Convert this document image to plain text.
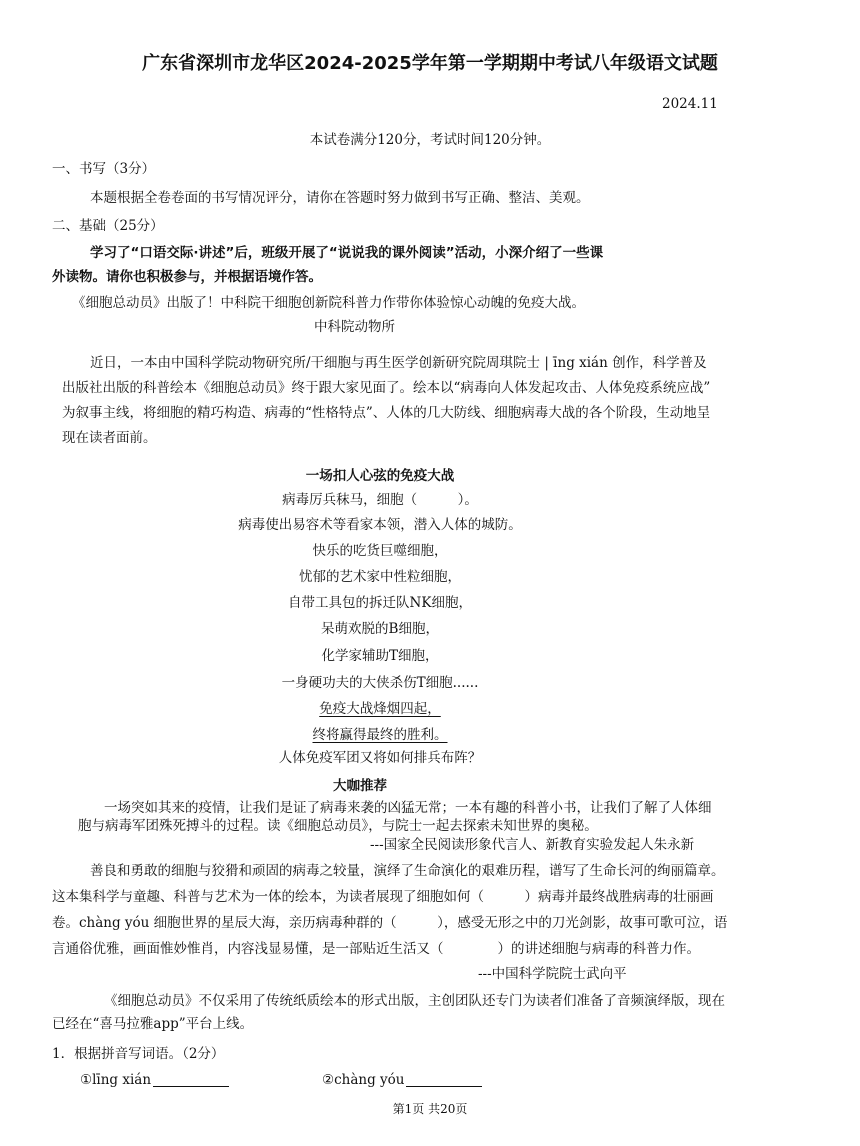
广东省深圳市龙华区2024-2025学年第一学期期中考试八年级语文试题
2024.11
本试卷满分120分，考试时间120分钟。
一、书写（3分）
本题根据全卷卷面的书写情况评分，请你在答题时努力做到书写正确、整洁、美观。
二、基础（25分）
学习了“口语交际·讲述”后，班级开展了“说说我的课外阅读”活动，小深介绍了一些课
外读物。请你也积极参与，并根据语境作答。
《细胞总动员》出版了！中科院干细胞创新院科普力作带你体验惊心动魄的免疫大战。
中科院动物所
近日，一本由中国科学院动物研究所/干细胞与再生医学创新研究院周琪院士 | īng xián 创作，科学普及
出版社出版的科普绘本《细胞总动员》终于跟大家见面了。绘本以“病毒向人体发起攻击、人体免疫系统应战”
为叙事主线，将细胞的精巧构造、病毒的“性格特点”、人体的几大防线、细胞病毒大战的各个阶段，生动地呈
现在读者面前。
一场扣人心弦的免疫大战
病毒厉兵秣马，细胞（　　　）。
病毒使出易容术等看家本领，潜入人体的城防。
快乐的吃货巨噬细胞，
忧郁的艺术家中性粒细胞，
自带工具包的拆迁队NK细胞，
呆萌欢脱的B细胞，
化学家辅助T细胞，
一身硬功夫的大侠杀伤T细胞......
免疫大战烽烟四起，
终将赢得最终的胜利。
人体免疫军团又将如何排兵布阵？
大咖推荐
一场突如其来的疫情，让我们是证了病毒来袭的凶猛无常；一本有趣的科普小书，让我们了解了人体细
胞与病毒军团殊死搏斗的过程。读《细胞总动员》，与院士一起去探索未知世界的奥秘。
---国家全民阅读形象代言人、新教育实验发起人朱永新
善良和勇敢的细胞与狡猾和顽固的病毒之较量，演绎了生命演化的艰难历程，谱写了生命长河的绚丽篇章。
这本集科学与童趣、科普与艺术为一体的绘本，为读者展现了细胞如何（　　　）病毒并最终战胜病毒的壮丽画
卷。chàng yóu 细胞世界的星辰大海，亲历病毒种群的（　　　），感受无形之中的刀光剑影，故事可歌可泣，语
言通俗优雅，画面惟妙惟肖，内容浅显易懂，是一部贴近生活又（　　　　）的讲述细胞与病毒的科普力作。
---中国科学院院士武向平
《细胞总动员》不仅采用了传统纸质绘本的形式出版，主创团队还专门为读者们准备了音频演绎版，现在
已经在“喜马拉雅app”平台上线。
1．根据拼音写词语。（2分）
①līng xián	②chàng yóu
第1页 共20页
